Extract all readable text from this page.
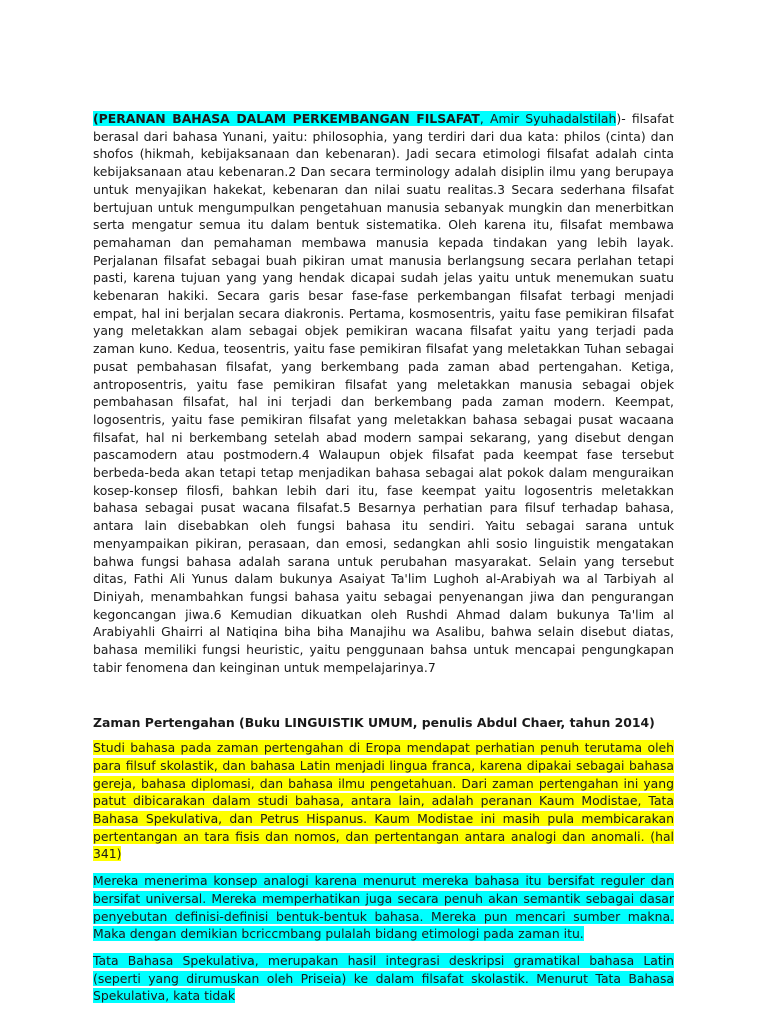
(PERANAN BAHASA DALAM PERKEMBANGAN FILSAFAT, Amir Syuhadalstilah)- filsafat berasal dari bahasa Yunani, yaitu: philosophia, yang terdiri dari dua kata: philos (cinta) dan shofos (hikmah, kebijaksanaan dan kebenaran). Jadi secara etimologi filsafat adalah cinta kebijaksanaan atau kebenaran.2 Dan secara terminology adalah disiplin ilmu yang berupaya untuk menyajikan hakekat, kebenaran dan nilai suatu realitas.3 Secara sederhana filsafat bertujuan untuk mengumpulkan pengetahuan manusia sebanyak mungkin dan menerbitkan serta mengatur semua itu dalam bentuk sistematika. Oleh karena itu, filsafat membawa pemahaman dan pemahaman membawa manusia kepada tindakan yang lebih layak. Perjalanan filsafat sebagai buah pikiran umat manusia berlangsung secara perlahan tetapi pasti, karena tujuan yang yang hendak dicapai sudah jelas yaitu untuk menemukan suatu kebenaran hakiki. Secara garis besar fase-fase perkembangan filsafat terbagi menjadi empat, hal ini berjalan secara diakronis. Pertama, kosmosentris, yaitu fase pemikiran filsafat yang meletakkan alam sebagai objek pemikiran wacana filsafat yaitu yang terjadi pada zaman kuno. Kedua, teosentris, yaitu fase pemikiran filsafat yang meletakkan Tuhan sebagai pusat pembahasan filsafat, yang berkembang pada zaman abad pertengahan. Ketiga, antroposentris, yaitu fase pemikiran filsafat yang meletakkan manusia sebagai objek pembahasan filsafat, hal ini terjadi dan berkembang pada zaman modern. Keempat, logosentris, yaitu fase pemikiran filsafat yang meletakkan bahasa sebagai pusat wacaana filsafat, hal ni berkembang setelah abad modern sampai sekarang, yang disebut dengan pascamodern atau postmodern.4 Walaupun objek filsafat pada keempat fase tersebut berbeda-beda akan tetapi tetap menjadikan bahasa sebagai alat pokok dalam menguraikan kosep-konsep filosfi, bahkan lebih dari itu, fase keempat yaitu logosentris meletakkan bahasa sebagai pusat wacana filsafat.5 Besarnya perhatian para filsuf terhadap bahasa, antara lain disebabkan oleh fungsi bahasa itu sendiri. Yaitu sebagai sarana untuk menyampaikan pikiran, perasaan, dan emosi, sedangkan ahli sosio linguistik mengatakan bahwa fungsi bahasa adalah sarana untuk perubahan masyarakat. Selain yang tersebut ditas, Fathi Ali Yunus dalam bukunya Asaiyat Ta'lim Lughoh al-Arabiyah wa al Tarbiyah al Diniyah, menambahkan fungsi bahasa yaitu sebagai penyenangan jiwa dan pengurangan kegoncangan jiwa.6 Kemudian dikuatkan oleh Rushdi Ahmad dalam bukunya Ta'lim al Arabiyahli Ghairri al Natiqina biha biha Manajihu wa Asalibu, bahwa selain disebut diatas, bahasa memiliki fungsi heuristic, yaitu penggunaan bahsa untuk mencapai pengungkapan tabir fenomena dan keinginan untuk mempelajarinya.7

Zaman Pertengahan (Buku LINGUISTIK UMUM, penulis Abdul Chaer, tahun 2014)

Studi bahasa pada zaman pertengahan di Eropa mendapat perhatian penuh terutama oleh para filsuf skolastik, dan bahasa Latin menjadi lingua franca, karena dipakai sebagai bahasa gereja, bahasa diplomasi, dan bahasa ilmu pengetahuan. Dari zaman pertengahan ini yang patut dibicarakan dalam studi bahasa, antara lain, adalah peranan Kaum Modistae, Tata Bahasa Spekulativa, dan Petrus Hispanus. Kaum Modistae ini masih pula membicarakan pertentangan an tara fisis dan nomos, dan pertentangan antara analogi dan anomali. (hal 341)

Mereka menerima konsep analogi karena menurut mereka bahasa itu bersifat reguler dan bersifat universal. Mereka memperhatikan juga secara penuh akan semantik sebagai dasar penyebutan definisi-definisi bentuk-bentuk bahasa. Mereka pun mencari sumber makna. Maka dengan demikian bcriccmbang pulalah bidang etimologi pada zaman itu.

Tata Bahasa Spekulativa, merupakan hasil integrasi deskripsi gramatikal bahasa Latin (seperti yang dirumuskan oleh Priseia) ke dalam filsafat skolastik. Menurut Tata Bahasa Spekulativa, kata tidak
